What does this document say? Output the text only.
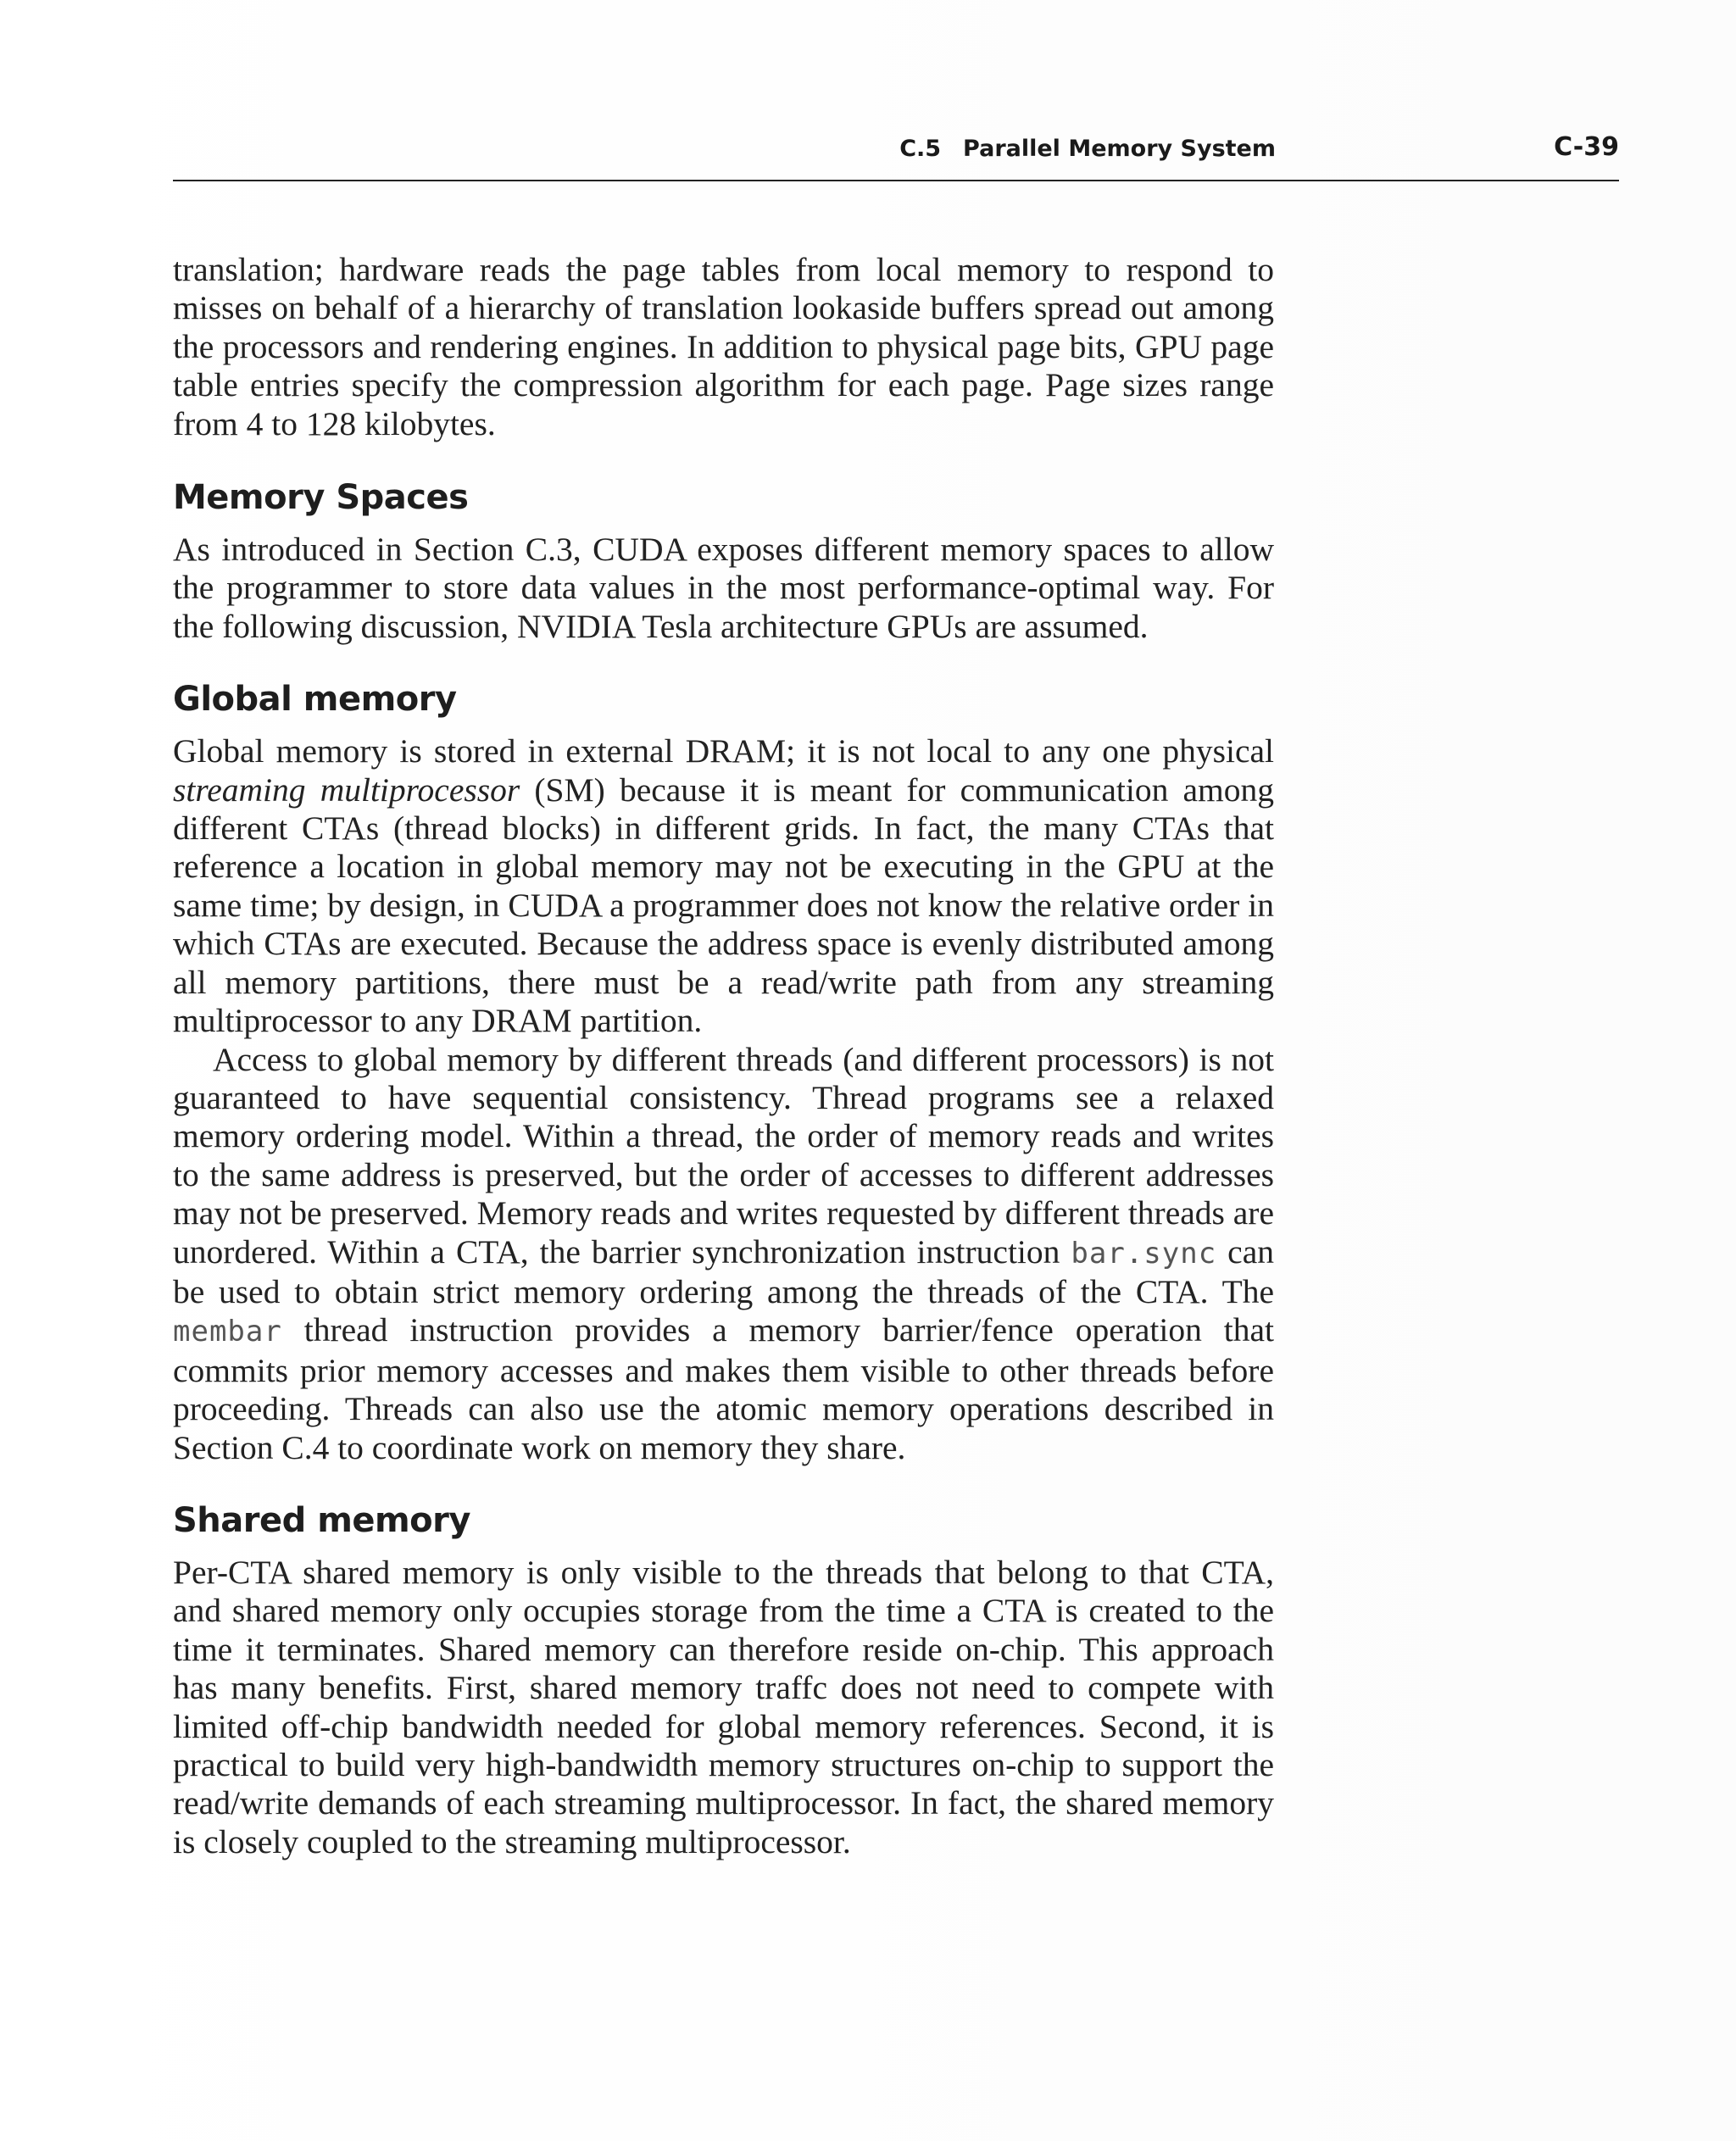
C.5 Parallel Memory System	C-39

translation; hardware reads the page tables from local memory to respond to misses on behalf of a hierarchy of translation lookaside buffers spread out among the processors and rendering engines. In addition to physical page bits, GPU page table entries specify the compression algorithm for each page. Page sizes range from 4 to 128 kilobytes.

Memory Spaces

As introduced in Section C.3, CUDA exposes different memory spaces to allow the programmer to store data values in the most performance-optimal way. For the following discussion, NVIDIA Tesla architecture GPUs are assumed.

Global memory

Global memory is stored in external DRAM; it is not local to any one physical streaming multiprocessor (SM) because it is meant for communication among different CTAs (thread blocks) in different grids. In fact, the many CTAs that reference a location in global memory may not be executing in the GPU at the same time; by design, in CUDA a programmer does not know the relative order in which CTAs are executed. Because the address space is evenly distributed among all memory partitions, there must be a read/write path from any streaming multiprocessor to any DRAM partition.

Access to global memory by different threads (and different processors) is not guaranteed to have sequential consistency. Thread programs see a relaxed memory ordering model. Within a thread, the order of memory reads and writes to the same address is preserved, but the order of accesses to different addresses may not be preserved. Memory reads and writes requested by different threads are unordered. Within a CTA, the barrier synchronization instruction bar.sync can be used to obtain strict memory ordering among the threads of the CTA. The membar thread instruction provides a memory barrier/fence operation that commits prior memory accesses and makes them visible to other threads before proceeding. Threads can also use the atomic memory operations described in Section C.4 to coordinate work on memory they share.

Shared memory

Per-CTA shared memory is only visible to the threads that belong to that CTA, and shared memory only occupies storage from the time a CTA is created to the time it terminates. Shared memory can therefore reside on-chip. This approach has many benefits. First, shared memory traffc does not need to compete with limited off-chip bandwidth needed for global memory references. Second, it is practical to build very high-bandwidth memory structures on-chip to support the read/write demands of each streaming multiprocessor. In fact, the shared memory is closely coupled to the streaming multiprocessor.
